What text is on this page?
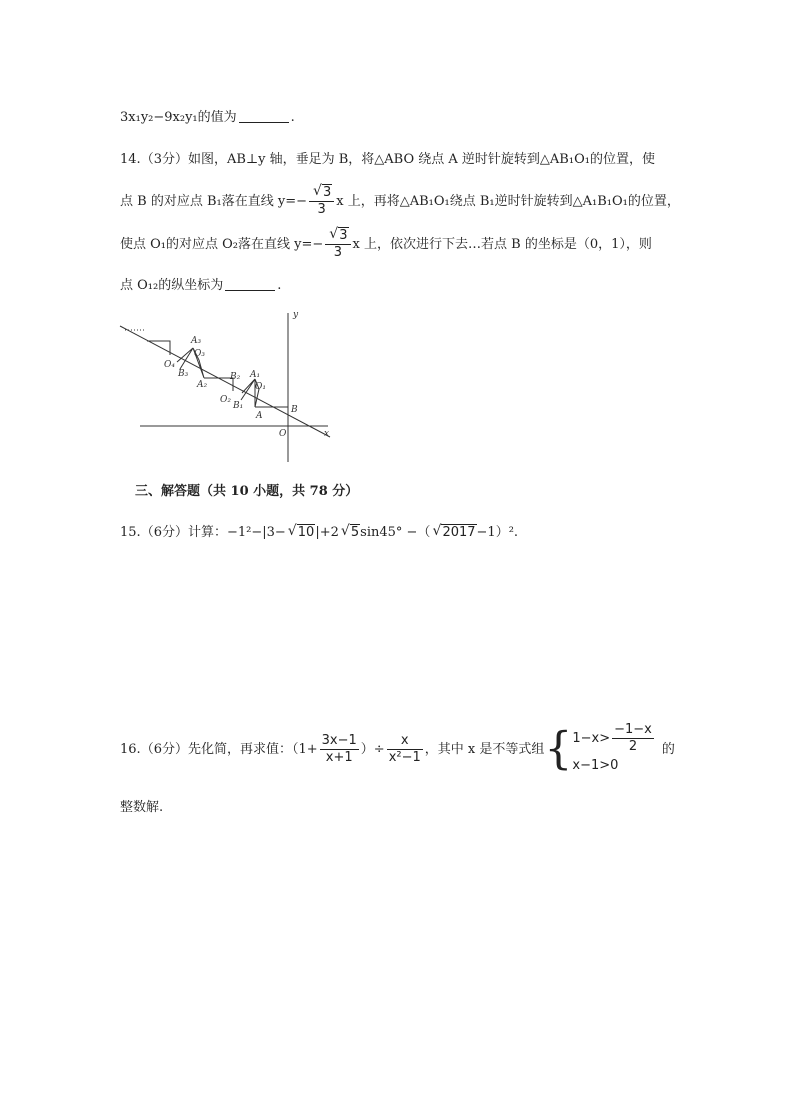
3x₁y₂−9x₂y₁的值为	.
14.（3分）如图，AB⊥y 轴，垂足为 B，将△ABO 绕点 A 逆时针旋转到△AB₁O₁的位置，使
点 B 的对应点 B₁落在直线 y=− √ $\frac{3}{3}$ x 上，再将△AB₁O₁绕点 B₁逆时针旋转到△A₁B₁O₁的位置，
使点 O₁的对应点 O₂落在直线 y=− √ $\frac{3}{3}$ x 上，依次进行下去…若点 B 的坐标是（0，1），则
点 O₁₂的纵坐标为	.
y
x
O
A
B
A₁
O₁
B₁
O₂
B₂
A₂
A₃
O₃
B₃
O₄
三、解答题（共 10 小题，共 78 分）
15.（6分）计算：−1²−|3− √ 10|+2 √ 5sin45° −（ √ 2017−1）².
16.（6分）先化简，再求值：（$1+ \frac{3x-1}{x+1}$ ）÷ $\frac{x}{\text{x²−1}}$ ，其中 x 是不等式组{ $1-x> \frac{-1-x}{2}$
x−1>0
的
整数解.
